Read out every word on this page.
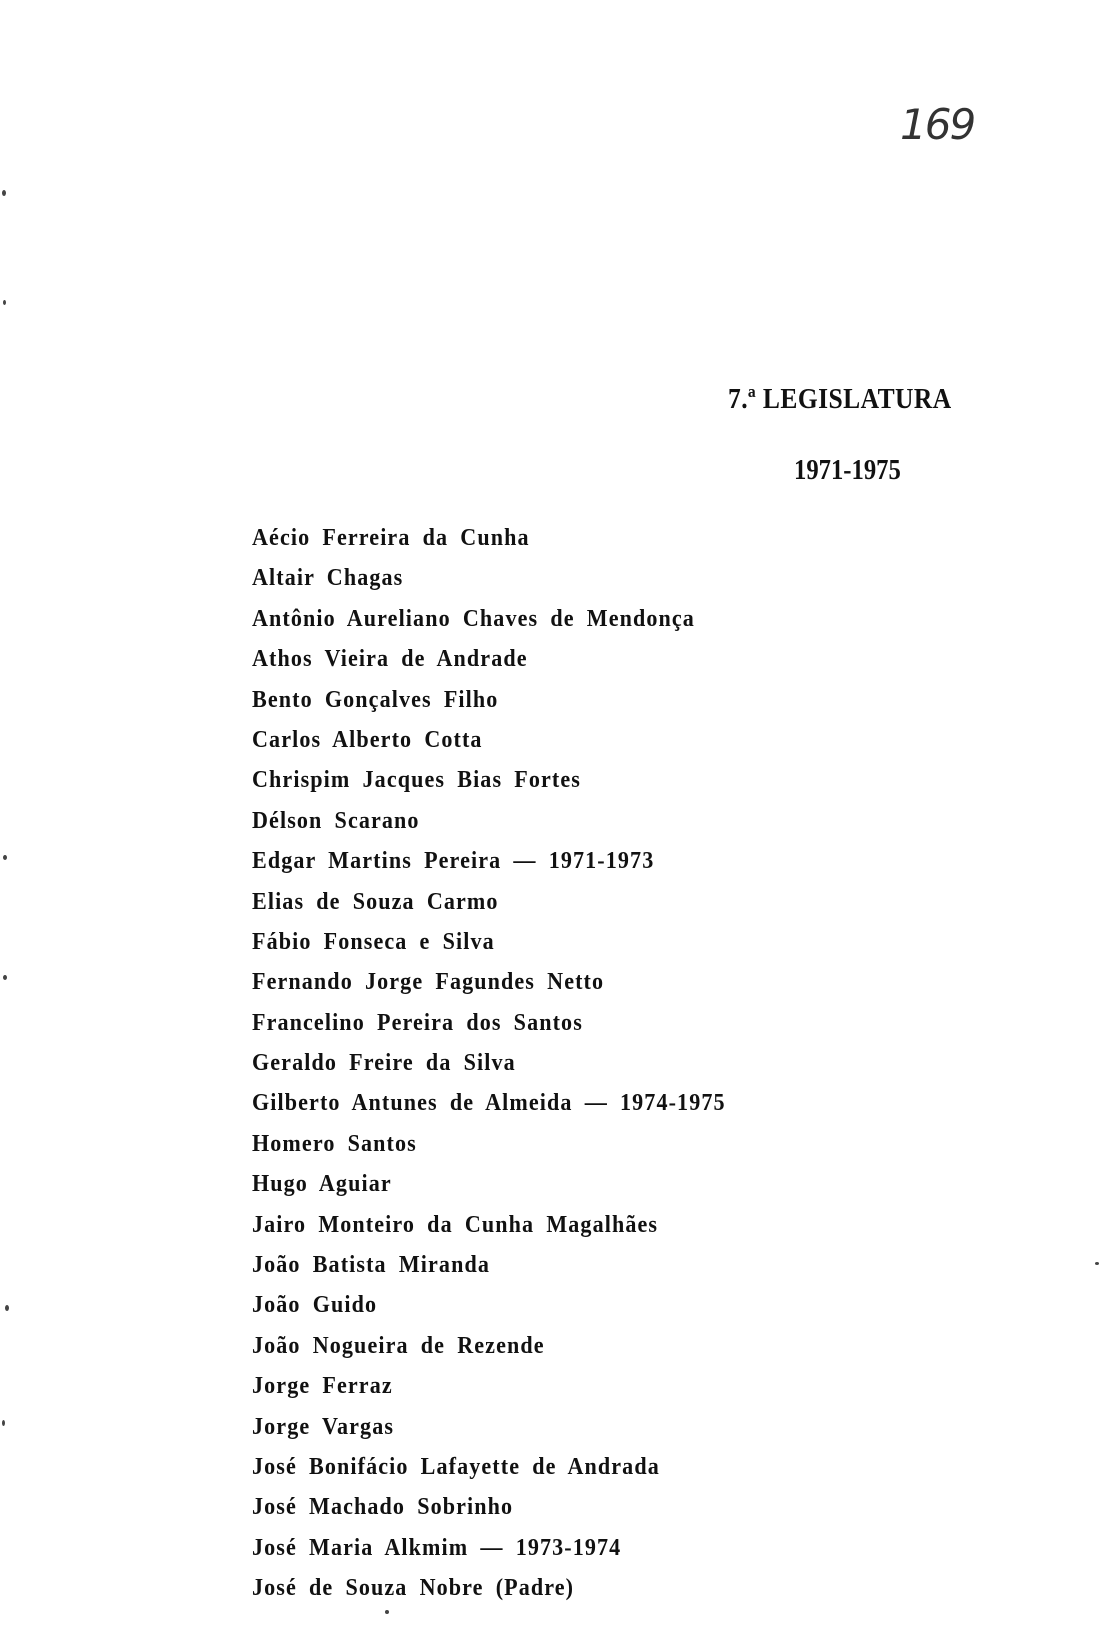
169
7.ª LEGISLATURA
1971-1975
Aécio Ferreira da Cunha
Altair Chagas
Antônio Aureliano Chaves de Mendonça
Athos Vieira de Andrade
Bento Gonçalves Filho
Carlos Alberto Cotta
Chrispim Jacques Bias Fortes
Délson Scarano
Edgar Martins Pereira — 1971-1973
Elias de Souza Carmo
Fábio Fonseca e Silva
Fernando Jorge Fagundes Netto
Francelino Pereira dos Santos
Geraldo Freire da Silva
Gilberto Antunes de Almeida — 1974-1975
Homero Santos
Hugo Aguiar
Jairo Monteiro da Cunha Magalhães
João Batista Miranda
João Guido
João Nogueira de Rezende
Jorge Ferraz
Jorge Vargas
José Bonifácio Lafayette de Andrada
José Machado Sobrinho
José Maria Alkmim — 1973-1974
José de Souza Nobre (Padre)
